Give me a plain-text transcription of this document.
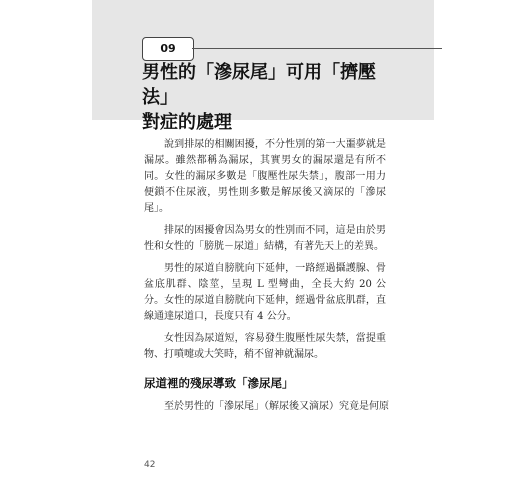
09
男性的「滲尿尾」可用「擠壓法」
對症的處理

說到排尿的相關困擾，不分性別的第一大噩夢就是漏尿。雖然都稱為漏尿，其實男女的漏尿還是有所不同。女性的漏尿多數是「腹壓性尿失禁」，腹部一用力便鎖不住尿液，男性則多數是解尿後又滴尿的「滲尿尾」。

排尿的困擾會因為男女的性別而不同，這是由於男性和女性的「膀胱－尿道」結構，有著先天上的差異。

男性的尿道自膀胱向下延伸，一路經過攝護腺、骨盆底肌群、陰莖，呈現 L 型彎曲，全長大約 20 公分。女性的尿道自膀胱向下延伸，經過骨盆底肌群，直線通達尿道口，長度只有 4 公分。

女性因為尿道短，容易發生腹壓性尿失禁，當提重物、打噴嚏或大笑時，稍不留神就漏尿。

尿道裡的殘尿導致「滲尿尾」

至於男性的「滲尿尾」（解尿後又滴尿）究竟是何原

42
